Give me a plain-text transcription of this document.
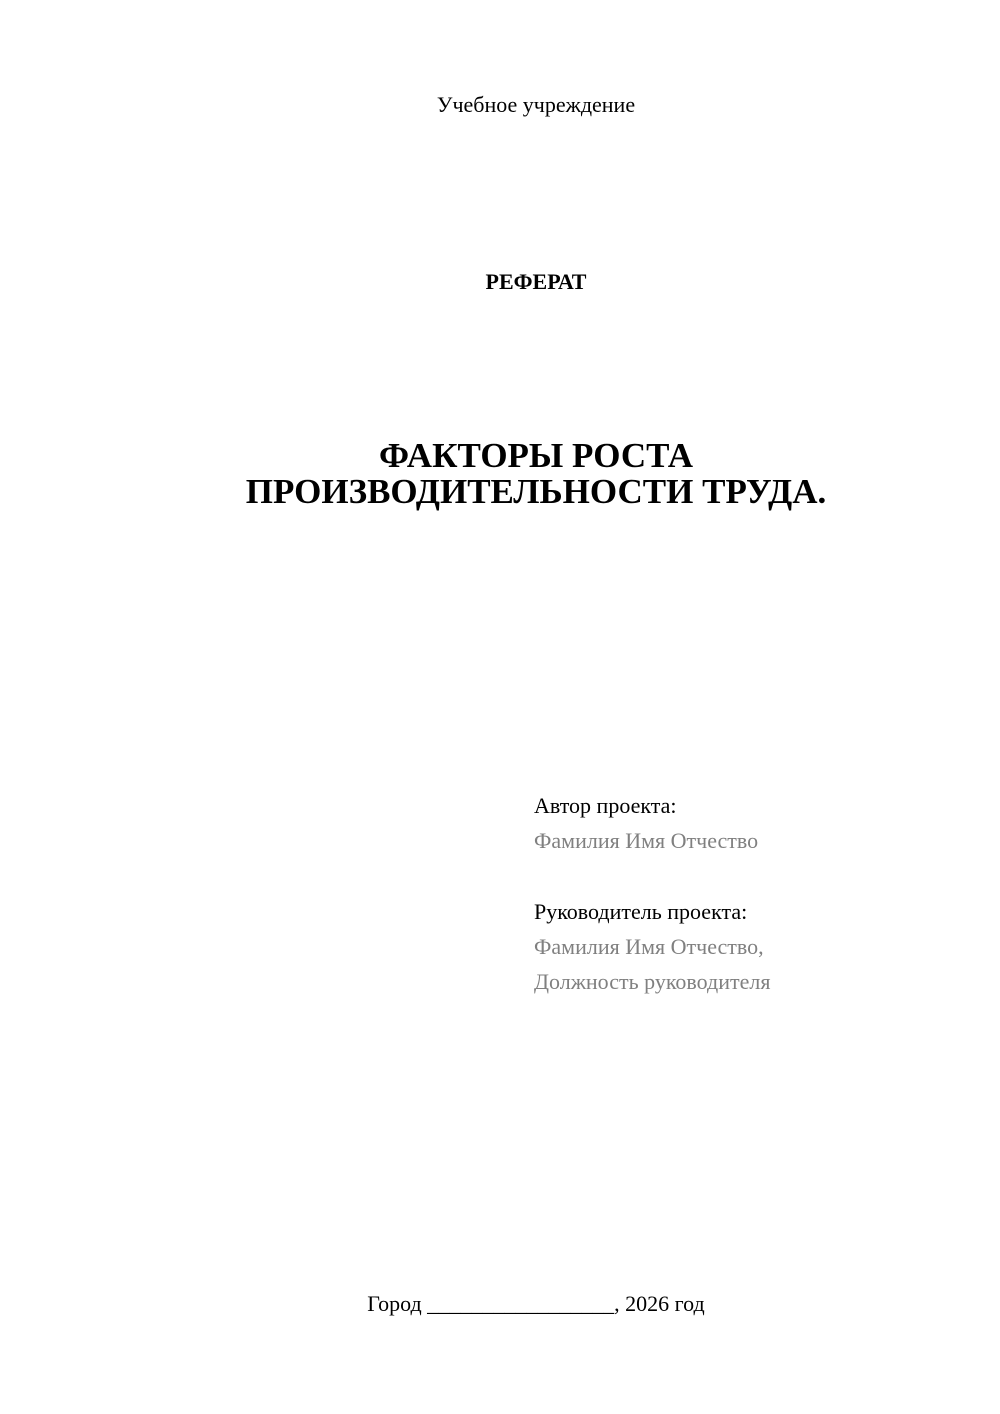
Учебное учреждение
РЕФЕРАТ
ФАКТОРЫ РОСТА
ПРОИЗВОДИТЕЛЬНОСТИ ТРУДА.
Автор проекта:
Фамилия Имя Отчество
Руководитель проекта:
Фамилия Имя Отчество,
Должность руководителя
Город _________________, 2026 год
